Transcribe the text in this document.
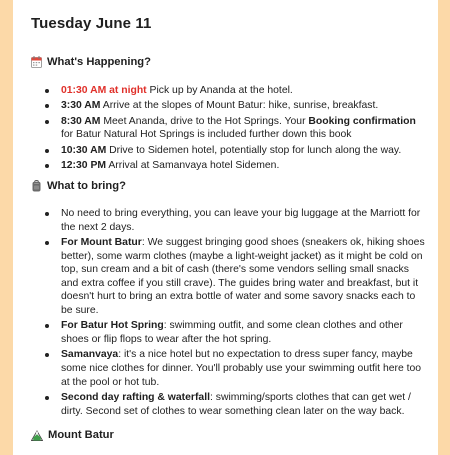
Tuesday June 11
What's Happening?
01:30 AM at night Pick up by Ananda at the hotel.
3:30 AM Arrive at the slopes of Mount Batur: hike, sunrise, breakfast.
8:30 AM Meet Ananda, drive to the Hot Springs. Your Booking confirmation for Batur Natural Hot Springs is included further down this book
10:30 AM Drive to Sidemen hotel, potentially stop for lunch along the way.
12:30 PM Arrival at Samanvaya hotel Sidemen.
What to bring?
No need to bring everything, you can leave your big luggage at the Marriott for the next 2 days.
For Mount Batur: We suggest bringing good shoes (sneakers ok, hiking shoes better), some warm clothes (maybe a light-weight jacket) as it might be cold on top, sun cream and a bit of cash (there's some vendors selling small snacks and extra coffee if you still crave). The guides bring water and breakfast, but it doesn't hurt to bring an extra bottle of water and some savory snacks each to be sure.
For Batur Hot Spring: swimming outfit, and some clean clothes and other shoes or flip flops to wear after the hot spring.
Samanvaya: it's a nice hotel but no expectation to dress super fancy, maybe some nice clothes for dinner. You'll probably use your swimming outfit here too at the pool or hot tub.
Second day rafting & waterfall: swimming/sports clothes that can get wet / dirty. Second set of clothes to wear something clean later on the way back.
Mount Batur
